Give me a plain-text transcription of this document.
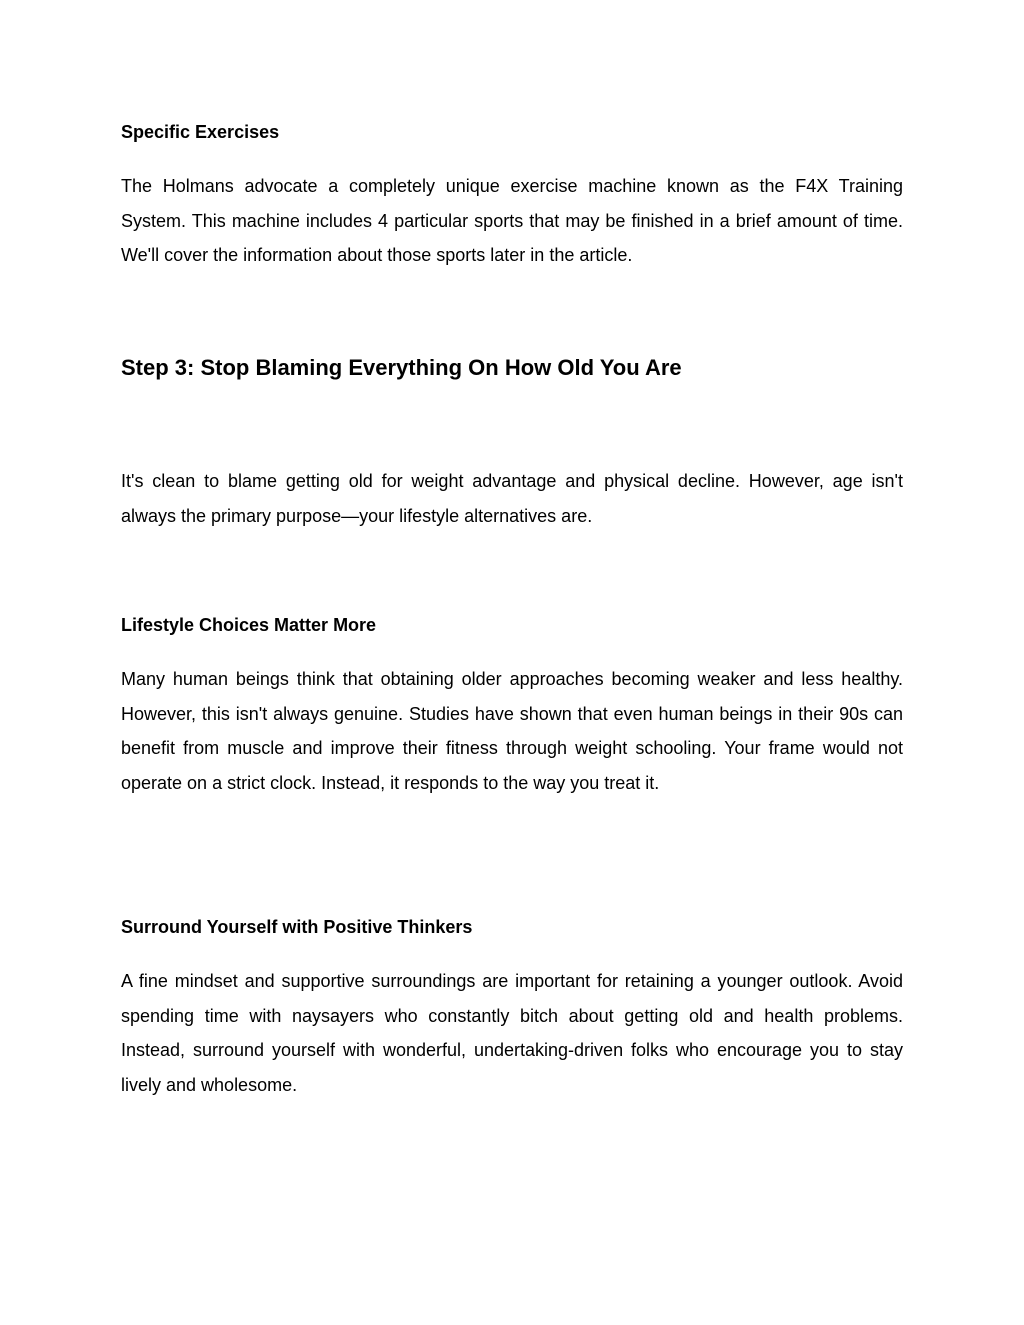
Specific Exercises

The Holmans advocate a completely unique exercise machine known as the F4X Training System. This machine includes 4 particular sports that may be finished in a brief amount of time. We'll cover the information about those sports later in the article.

Step 3: Stop Blaming Everything On How Old You Are

It's clean to blame getting old for weight advantage and physical decline. However, age isn't always the primary purpose—your lifestyle alternatives are.

Lifestyle Choices Matter More

Many human beings think that obtaining older approaches becoming weaker and less healthy. However, this isn't always genuine. Studies have shown that even human beings in their 90s can benefit from muscle and improve their fitness through weight schooling. Your frame would not operate on a strict clock. Instead, it responds to the way you treat it.

Surround Yourself with Positive Thinkers

A fine mindset and supportive surroundings are important for retaining a younger outlook. Avoid spending time with naysayers who constantly bitch about getting old and health problems. Instead, surround yourself with wonderful, undertaking-driven folks who encourage you to stay lively and wholesome.
